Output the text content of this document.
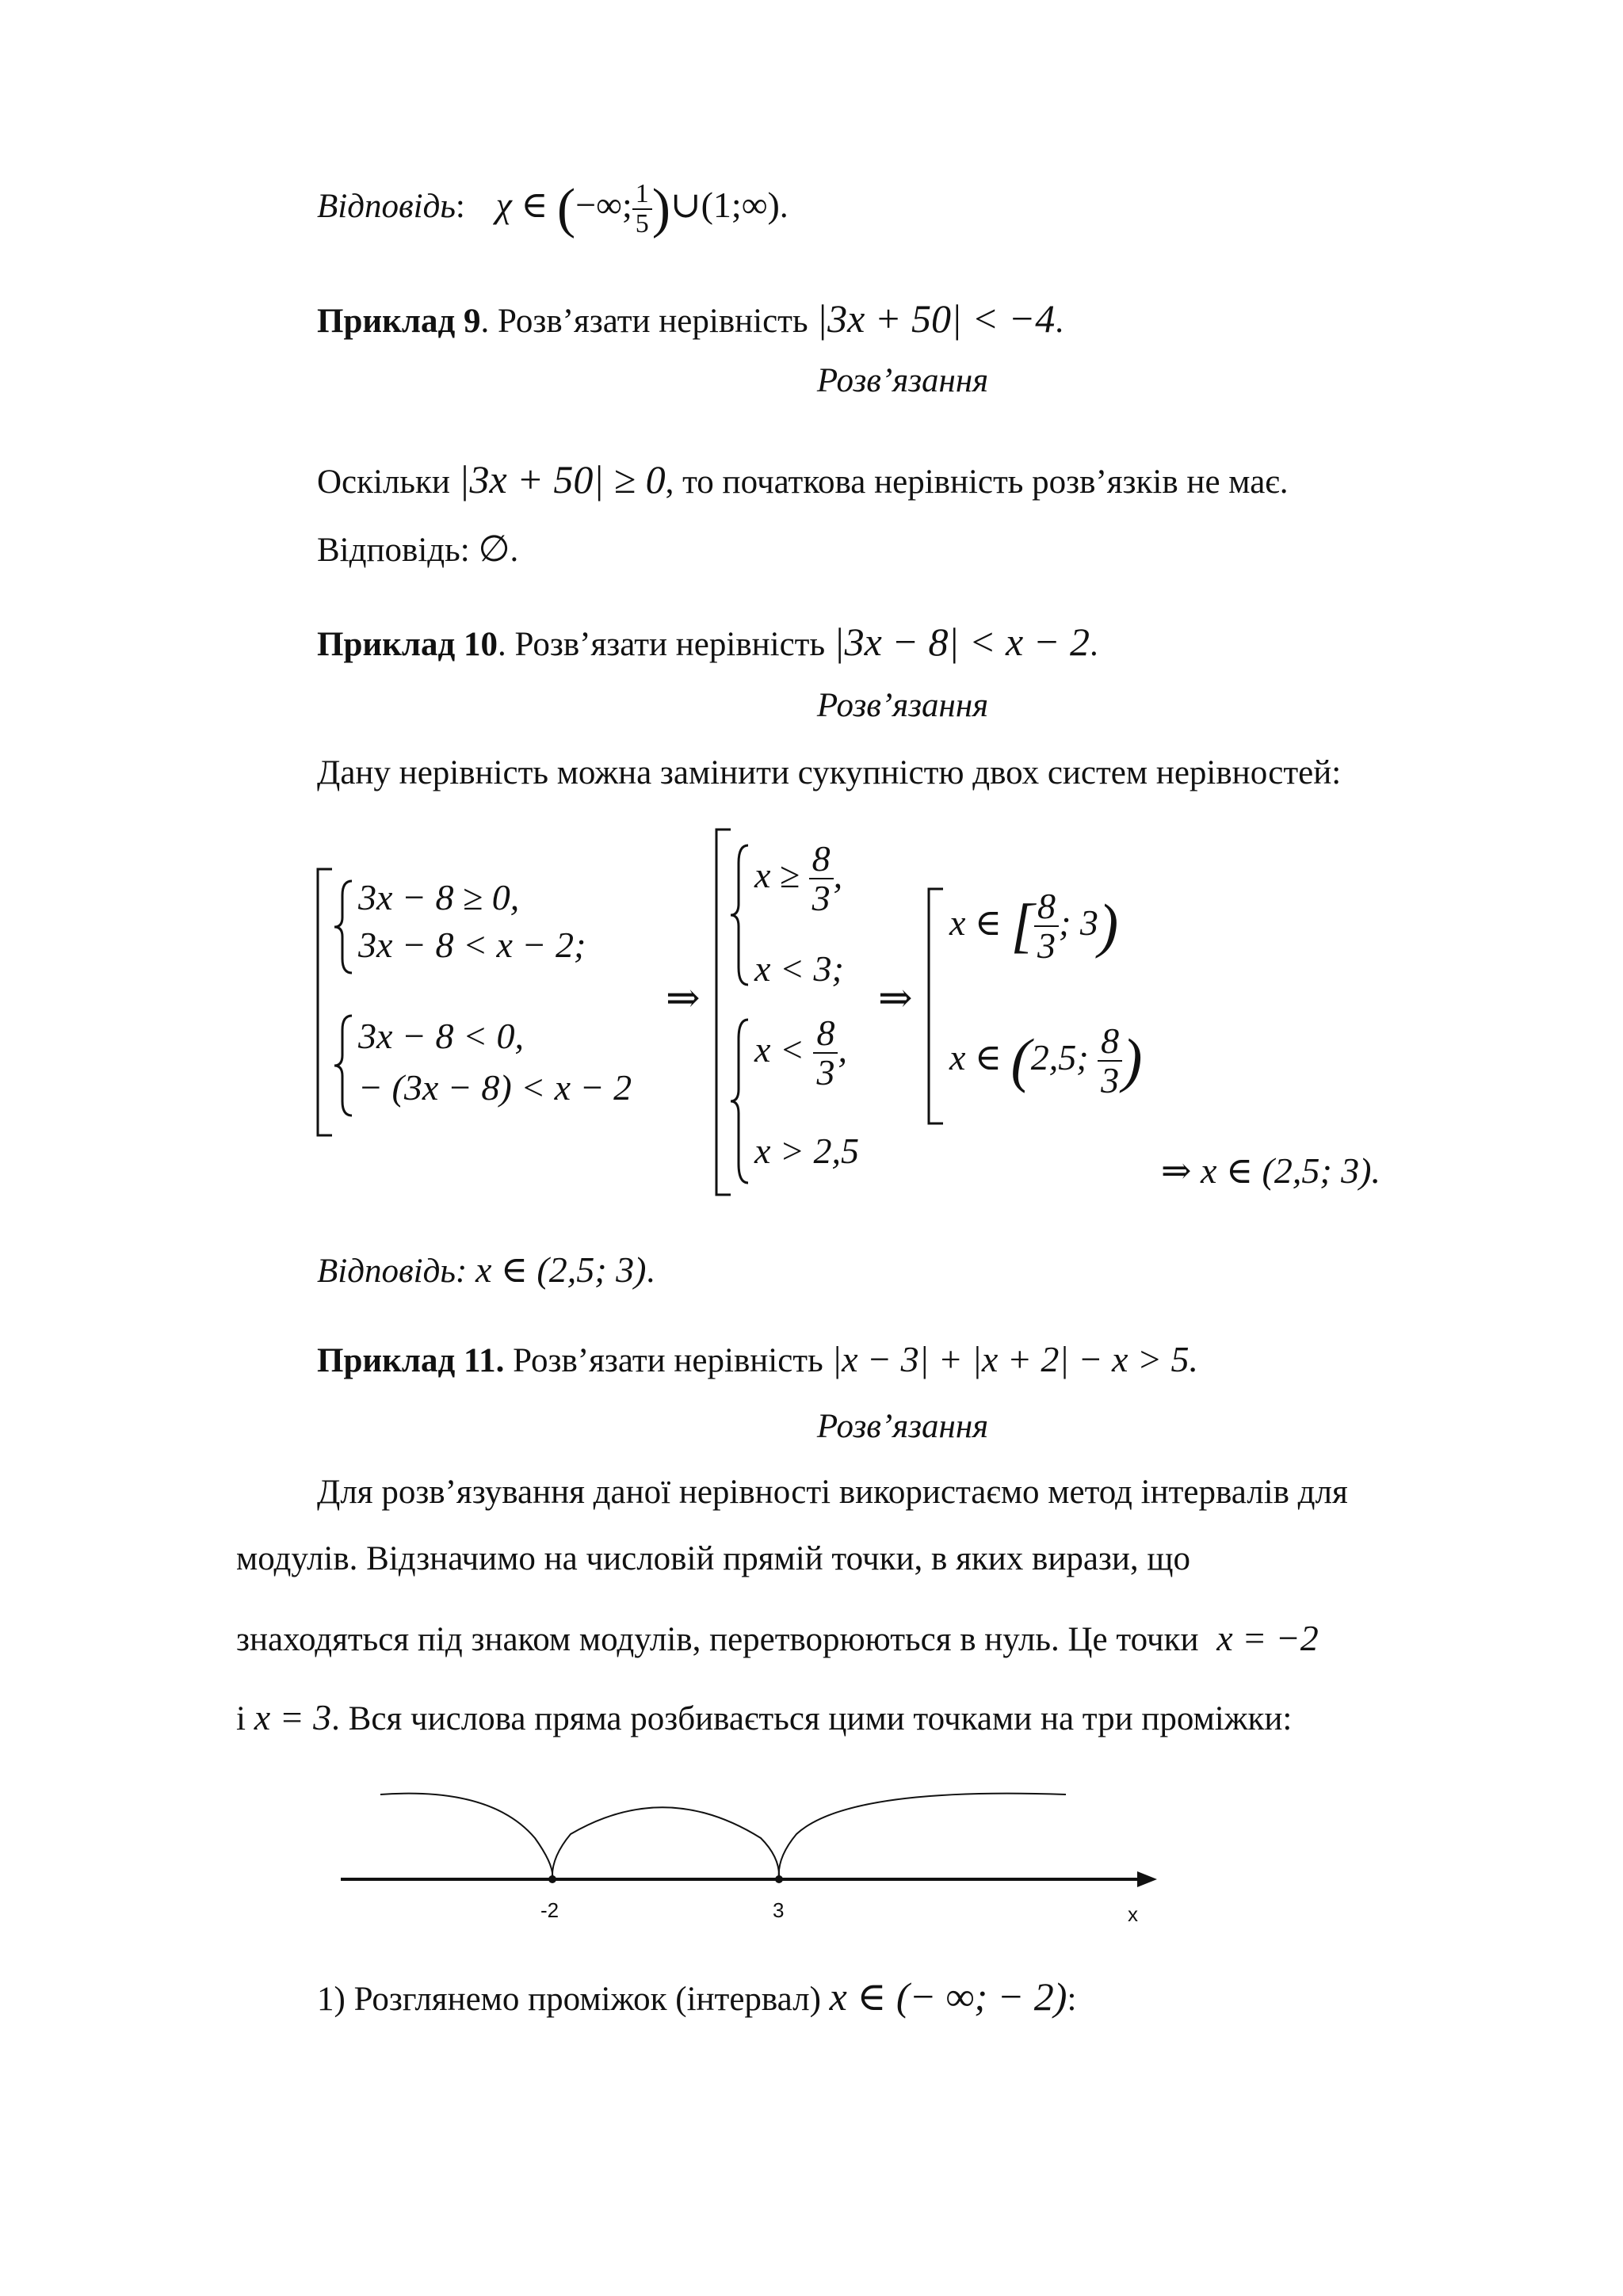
Відповідь: χ ∈ (−∞; $\frac{1}{5}$ )∪(1;∞).
Приклад 9. Розв’язати нерівність |3x + 50| < −4.
Розв’язання
Оскільки |3x + 50| ≥ 0, то початкова нерівність розв’язків не має.
Відповідь: ∅.
Приклад 10. Розв’язати нерівність |3x − 8| < x − 2.
Розв’язання
Дану нерівність можна замінити сукупністю двох систем нерівностей:
3x − 8 ≥ 0,
3x − 8 < x − 2;
3x − 8 < 0,
− (3x − 8) < x − 2
⇒
$x \ge \frac{8}{3}$ ,
x < 3;
$x < \frac{8}{3}$ ,
x > 2,5
⇒
x ∈ [ $\frac{8}{3}$ ; 3)
x ∈ (2,5; $\frac{8}{3}$ )
⇒ x ∈ (2,5; 3).
Відповідь: x ∈ (2,5; 3).
Приклад 11. Розв’язати нерівність |x − 3| + |x + 2| − x > 5.
Розв’язання
Для розв’язування даної нерівності використаємо метод інтервалів для
модулів. Відзначимо на числовій прямій точки, в яких вирази, що
знаходяться під знаком модулів, перетворюються в нуль. Це точки x = −2
і x = 3. Вся числова пряма розбивається цими точками на три проміжки:
-2	3	x
1) Розглянемо проміжок (інтервал) x ∈ (− ∞; − 2):
